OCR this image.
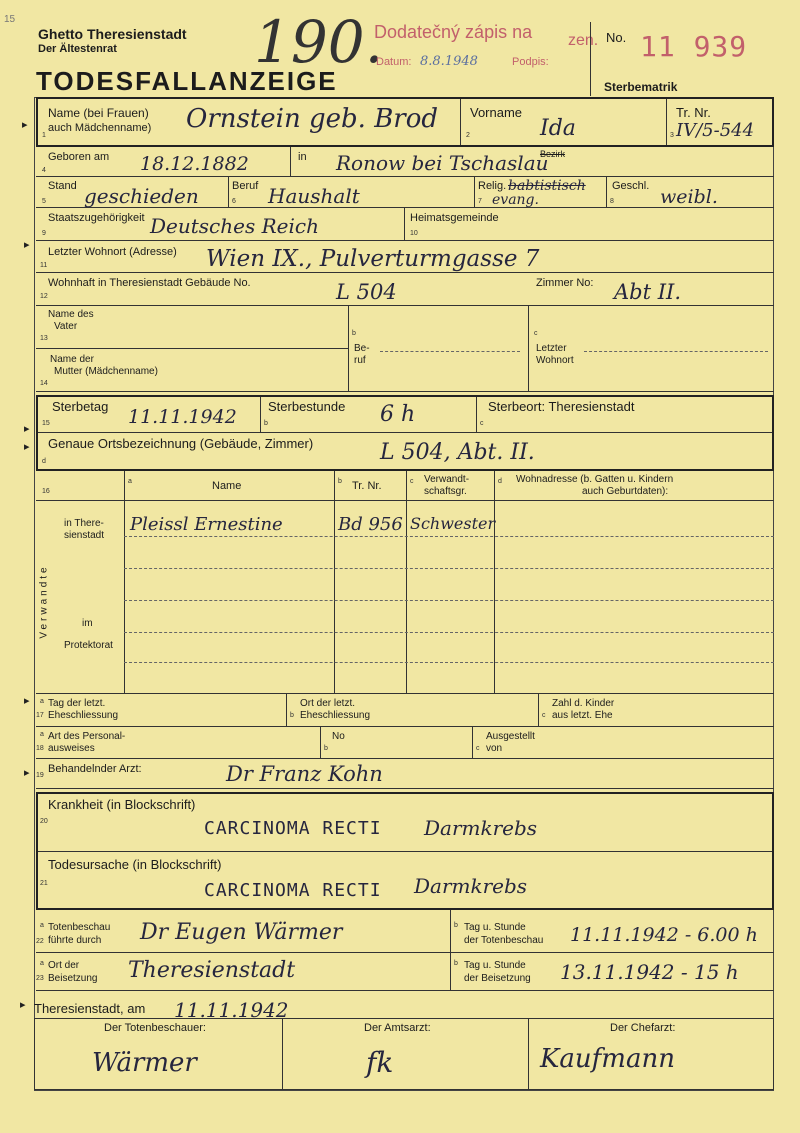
15
Ghetto Theresienstadt
Der Ältestenrat
TODESFALLANZEIGE
190.
Dodatečný zápis na
Datum: 8.8.1948	Podpis:
zen. No. 11 939
Sterbematrik
Name (bei Frauen)
auch Mädchenname)
1
Ornstein geb. Brod Vorname
2	Ida
Tr. Nr.
3 IV/5-544
Geboren am
4	18.12.1882	in Ronow bei Tschaslau
Bezirk
Stand
5 geschieden	Beruf
6 Haushalt	Relig.
7
babtistisch
evang.
Geschl.
8 weibl.
Staatszugehörigkeit
9	Deutsches Reich	Heimatsgemeinde
10
Letzter Wohnort (Adresse)
11	Wien IX., Pulverturmgasse 7
Wohnhaft in Theresienstadt Gebäude No.
12	L 504	Zimmer No: Abt II.
Name des
Vater
13
Name der
Mutter (Mädchenname)
14
b
Be-
ruf
c
Letzter
Wohnort
Sterbetag
15	11.11.1942 Sterbestunde
b	6 h	Sterbeort: Theresienstadt
c
Genaue Ortsbezeichnung (Gebäude, Zimmer)
d	L 504, Abt. II.
16
a	Name	b Tr. Nr.	c Verwandt-
schaftsgr.
d Wohnadresse (b. Gatten u. Kindern
auch Geburtdaten):
Verwandte
in There-
sienstadt
im
Protektorat
Pleissl Ernestine	Bd 956 Schwester
a Tag der letzt.
17 Eheschliessung
Ort der letzt.
b Eheschliessung
Zahl d. Kinder
c aus letzt. Ehe
a Art des Personal-
18 ausweises	b
No
c
Ausgestellt
von
19
Behandelnder Arzt:	Dr Franz Kohn
Krankheit (in Blockschrift)
20	CARCINOMA RECTI Darmkrebs
Todesursache (in Blockschrift)
21	CARCINOMA RECTI Darmkrebs
a Totenbeschau
22 führte durch Dr Eugen Wärmer	b Tag u. Stunde
der Totenbeschau 11.11.1942 - 6.00 h
a Ort der
23 Beisetzung Theresienstadt	b Tag u. Stunde
der Beisetzung 13.11.1942 - 15 h
Theresienstadt, am 11.11.1942
Der Totenbeschauer:	Der Amtsarzt:	Der Chefarzt:
Wärmer	fk	Kaufmann
▸
▸
▸
▸
▸
▸
▸
